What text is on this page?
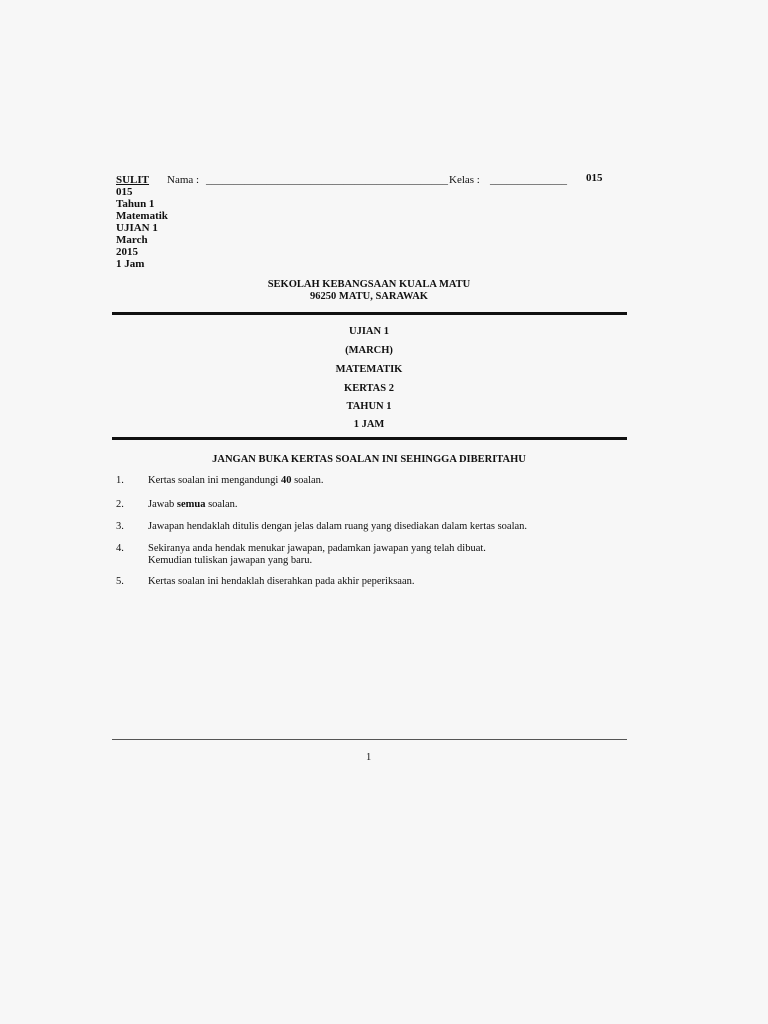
SULIT Nama : ____________________________________________ Kelas : ______________ 015
015
Tahun 1
Matematik
UJIAN 1
March
2015
1 Jam
SEKOLAH KEBANGSAAN KUALA MATU
96250 MATU, SARAWAK
UJIAN 1
(MARCH)
MATEMATIK
KERTAS 2
TAHUN 1
1 JAM
JANGAN BUKA KERTAS SOALAN INI SEHINGGA DIBERITAHU
1. Kertas soalan ini mengandungi 40 soalan.
2. Jawab semua soalan.
3. Jawapan hendaklah ditulis dengan jelas dalam ruang yang disediakan dalam kertas soalan.
4. Sekiranya anda hendak menukar jawapan, padamkan jawapan yang telah dibuat.
Kemudian tuliskan jawapan yang baru.
5. Kertas soalan ini hendaklah diserahkan pada akhir peperiksaan.
1
